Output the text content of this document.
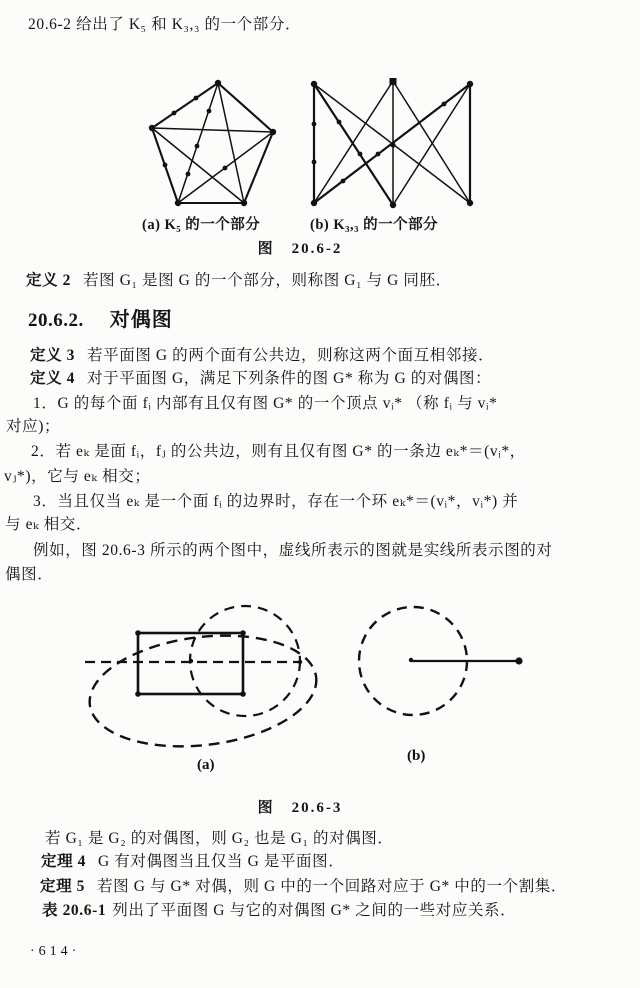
20.6-2 给出了 K₅ 和 K₃,₃ 的一个部分．
(a) K₅ 的一个部分	(b) K₃,₃ 的一个部分
图　20.6-2
定义 2 若图 G₁ 是图 G 的一个部分，则称图 G₁ 与 G 同胚．
20.6.2. 对偶图
定义 3 若平面图 G 的两个面有公共边，则称这两个面互相邻接．
定义 4 对于平面图 G，满足下列条件的图 G* 称为 G 的对偶图：
1．G 的每个面 fᵢ 内部有且仅有图 G* 的一个顶点 vᵢ* （称 fᵢ 与 vᵢ*
对应)；
2．若 eₖ 是面 fᵢ，fⱼ 的公共边，则有且仅有图 G* 的一条边 eₖ*＝(vᵢ*，
vⱼ*)，它与 eₖ 相交；
3．当且仅当 eₖ 是一个面 fᵢ 的边界时，存在一个环 eₖ*＝(vᵢ*，vᵢ*) 并
与 eₖ 相交．
例如，图 20.6-3 所示的两个图中，虚线所表示的图就是实线所表示图的对
偶图．
(a)
(b)
图　20.6-3
若 G₁ 是 G₂ 的对偶图，则 G₂ 也是 G₁ 的对偶图．
定理 4 G 有对偶图当且仅当 G 是平面图．
定理 5 若图 G 与 G* 对偶，则 G 中的一个回路对应于 G* 中的一个割集．
表 20.6-1 列出了平面图 G 与它的对偶图 G* 之间的一些对应关系．
·614·
